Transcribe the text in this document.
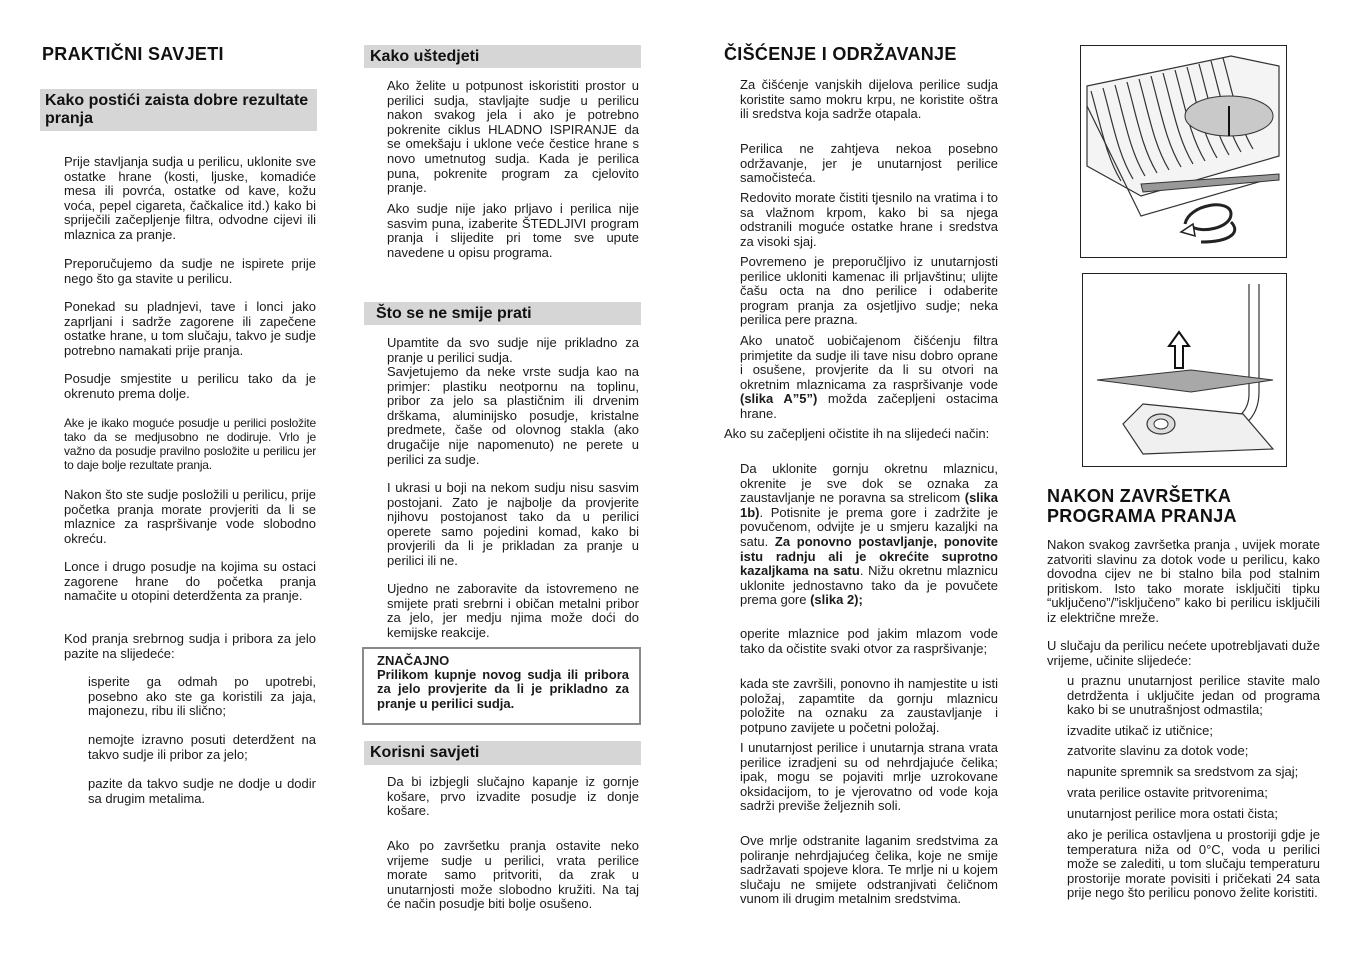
PRAKTIČNI SAVJETI
Kako postići zaista dobre rezultate pranja

Prije stavljanja sudja u perilicu, uklonite sve ostatke hrane (kosti, ljuske, komadiće mesa ili povrća, ostatke od kave, kožu voća, pepel cigareta, čačkalice itd.) kako bi spriječili začepljenje filtra, odvodne cijevi ili mlaznica za pranje.

Preporučujemo da sudje ne ispirete prije nego što ga stavite u perilicu.

Ponekad su pladnjevi, tave i lonci jako zaprljani i sadrže zagorene ili zapečene ostatke hrane, u tom slučaju, takvo je sudje potrebno namakati prije pranja.

Posudje smjestite u perilicu tako da je okrenuto prema dolje.

Ake je ikako moguće posudje u perilici posložite tako da se medjusobno ne dodiruje. Vrlo je važno da posudje pravilno posložite u perilicu jer to daje bolje rezultate pranja.

Nakon što ste sudje posložili u perilicu, prije početka pranja morate provjeriti da li se mlaznice za raspršivanje vode slobodno okreću.

Lonce i drugo posudje na kojima su ostaci zagorene hrane do početka pranja namačite u otopini deterdženta za pranje.

Kod pranja srebrnog sudja i pribora za jelo pazite na slijedeće:

isperite ga odmah po upotrebi, posebno ako ste ga koristili za jaja, majonezu, ribu ili slično;

nemojte izravno posuti deterdžent na takvo sudje ili pribor za jelo;

pazite da takvo sudje ne dodje u dodir sa drugim metalima.

Kako uštedjeti

Ako želite u potpunost iskoristiti prostor u perilici sudja, stavljajte sudje u perilicu nakon svakog jela i ako je potrebno pokrenite ciklus HLADNO ISPIRANJE da se omekšaju i uklone veće čestice hrane s novo umetnutog sudja. Kada je perilica puna, pokrenite program za cjelovito pranje.

Ako sudje nije jako prljavo i perilica nije sasvim puna, izaberite ŠTEDLJIVI program pranja i slijedite pri tome sve upute navedene u opisu programa.

Što se ne smije prati

Upamtite da svo sudje nije prikladno za pranje u perilici sudja.

Savjetujemo da neke vrste sudja kao na primjer: plastiku neotpornu na toplinu, pribor za jelo sa plastičnim ili drvenim drškama, aluminijsko posudje, kristalne predmete, čaše od olovnog stakla (ako drugačije nije napomenuto) ne perete u perilici za sudje.

I ukrasi u boji na nekom sudju nisu sasvim postojani. Zato je najbolje da provjerite njihovu postojanost tako da u perilici operete samo pojedini komad, kako bi provjerili da li je prikladan za pranje u perilici ili ne.

Ujedno ne zaboravite da istovremeno ne smijete prati srebrni i običan metalni pribor za jelo, jer medju njima može doći do kemijske reakcije.

ZNAČAJNO
Prilikom kupnje novog sudja ili pribora za jelo provjerite da li je prikladno za pranje u perilici sudja.
Korisni savjeti

Da bi izbjegli slučajno kapanje iz gornje košare, prvo izvadite posudje iz donje košare.

Ako po završetku pranja ostavite neko vrijeme sudje u perilici, vrata perilice morate samo pritvoriti, da zrak u unutarnjosti može slobodno kružiti. Na taj će način posudje biti bolje osušeno.

ČIŠĆENJE I ODRŽAVANJE

Za čišćenje vanjskih dijelova perilice sudja koristite samo mokru krpu, ne koristite oštra ili sredstva koja sadrže otapala.

Perilica ne zahtjeva nekoa posebno održavanje, jer je unutarnjost perilice samočisteća.

Redovito morate čistiti tjesnilo na vratima i to sa vlažnom krpom, kako bi sa njega odstranili moguće ostatke hrane i sredstva za visoki sjaj.

Povremeno je preporučljivo iz unutarnjosti perilice ukloniti kamenac ili prljavštinu; ulijte čašu octa na dno perilice i odaberite program pranja za osjetljivo sudje; neka perilica pere prazna.

Ako unatoč uobičajenom čišćenju filtra primjetite da sudje ili tave nisu dobro oprane i osušene, provjerite da li su otvori na okretnim mlaznicama za raspršivanje vode (slika A”5”) možda začepljeni ostacima hrane.

Ako su začepljeni očistite ih na slijedeći način:

Da uklonite gornju okretnu mlaznicu, okrenite je sve dok se oznaka za zaustavljanje ne poravna sa strelicom (slika 1b). Potisnite je prema gore i zadržite je povučenom, odvijte je u smjeru kazaljki na satu. Za ponovno postavljanje, ponovite istu radnju ali je okrećite suprotno kazaljkama na satu. Nižu okretnu mlaznicu uklonite jednostavno tako da je povučete prema gore (slika 2);

operite mlaznice pod jakim mlazom vode tako da očistite svaki otvor za raspršivanje;

kada ste završili, ponovno ih namjestite u isti položaj, zapamtite da gornju mlaznicu položite na oznaku za zaustavljanje i potpuno zavijete u početni položaj.

I unutarnjost perilice i unutarnja strana vrata perilice izradjeni su od nehrdjajuće čelika; ipak, mogu se pojaviti mrlje uzrokovane oksidacijom, to je vjerovatno od vode koja sadrži previše željeznih soli.

Ove mrlje odstranite laganim sredstvima za poliranje nehrdjajućeg čelika, koje ne smije sadržavati spojeve klora. Te mrlje ni u kojem slučaju ne smijete odstranjivati čeličnom vunom ili drugim metalnim sredstvima.

NAKON ZAVRŠETKA
PROGRAMA PRANJA

Nakon svakog završetka pranja , uvijek morate zatvoriti slavinu za dotok vode u perilicu, kako dovodna cijev ne bi stalno bila pod stalnim pritiskom. Isto tako morate isključiti tipku “uključeno”/”isključeno” kako bi perilicu isključili iz električne mreže.

U slučaju da perilicu nećete upotrebljavati duže vrijeme, učinite slijedeće:

u praznu unutarnjost perilice stavite malo detrdženta i uključite jedan od programa kako bi se unutrašnjost odmastila;

izvadite utikač iz utičnice;

zatvorite slavinu za dotok vode;

napunite spremnik sa sredstvom za sjaj;

vrata perilice ostavite pritvorenima;

unutarnjost perilice mora ostati čista;

ako je perilica ostavljena u prostoriji gdje je temperatura niža od 0°C, voda u perilici može se zalediti, u tom slučaju temperaturu prostorije morate povisiti i pričekati 24 sata prije nego što perilicu ponovo želite koristiti.
